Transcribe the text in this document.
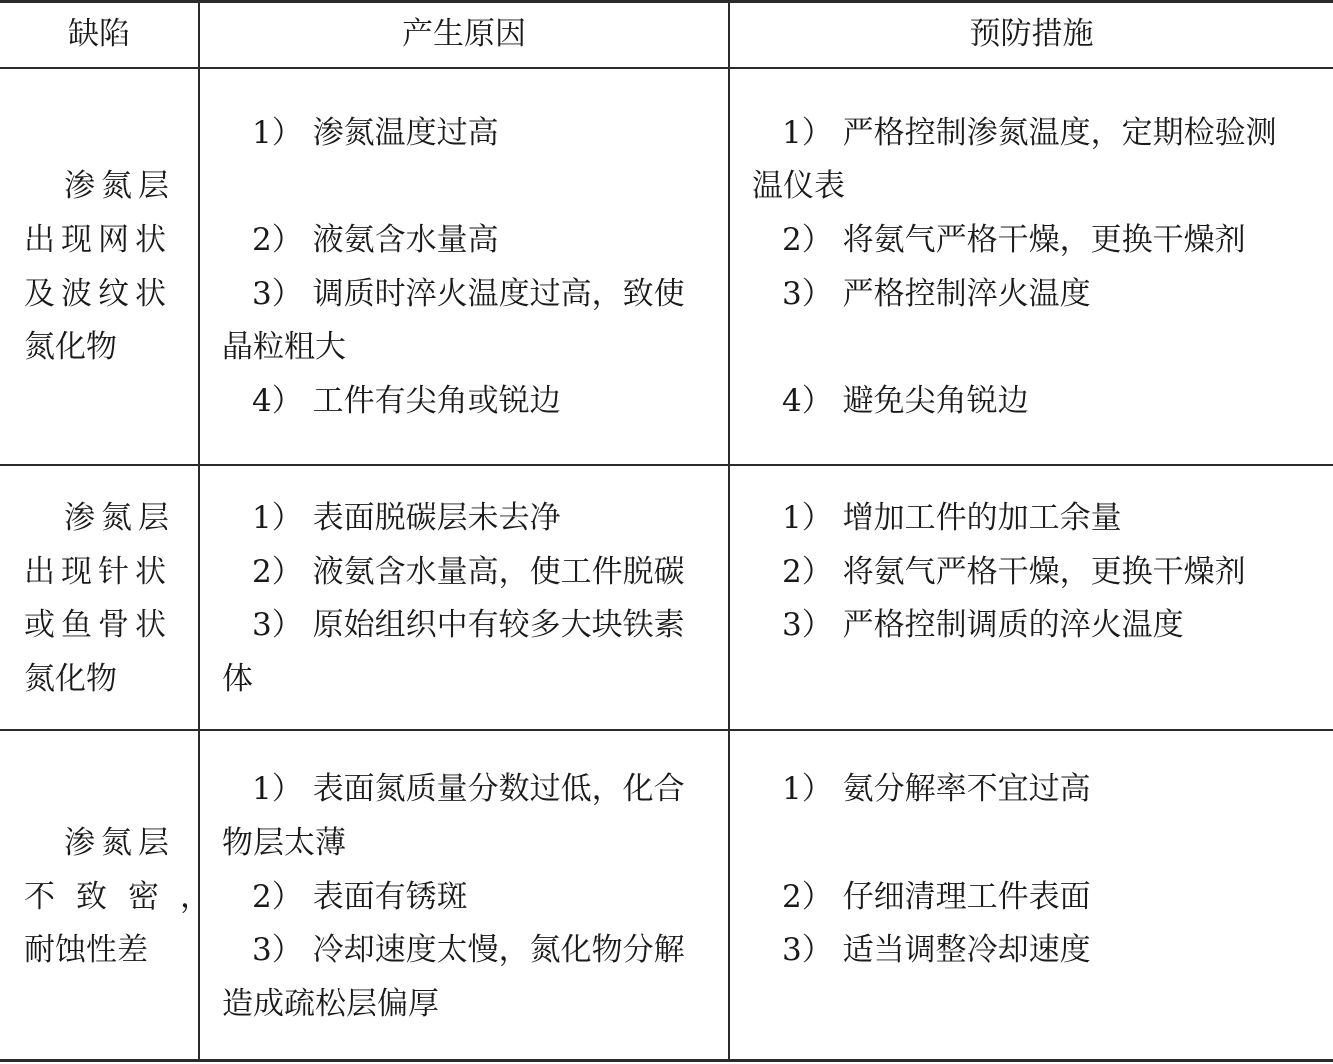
缺陷	产生原因	预防措施
渗氮层
出现网状
及波纹状
氮化物
1） 渗氮温度过高
2） 液氨含水量高
3） 调质时淬火温度过高，致使
晶粒粗大
4） 工件有尖角或锐边
1） 严格控制渗氮温度，定期检验测
温仪表
2） 将氨气严格干燥，更换干燥剂
3） 严格控制淬火温度
4） 避免尖角锐边
渗氮层
出现针状
或鱼骨状
氮化物
1） 表面脱碳层未去净
2） 液氨含水量高，使工件脱碳
3） 原始组织中有较多大块铁素
体
1） 增加工件的加工余量
2） 将氨气严格干燥，更换干燥剂
3） 严格控制调质的淬火温度
渗氮层
不致密，
耐蚀性差
1） 表面氮质量分数过低，化合
物层太薄
2） 表面有锈斑
3） 冷却速度太慢，氮化物分解
造成疏松层偏厚
1） 氨分解率不宜过高
2） 仔细清理工件表面
3） 适当调整冷却速度
